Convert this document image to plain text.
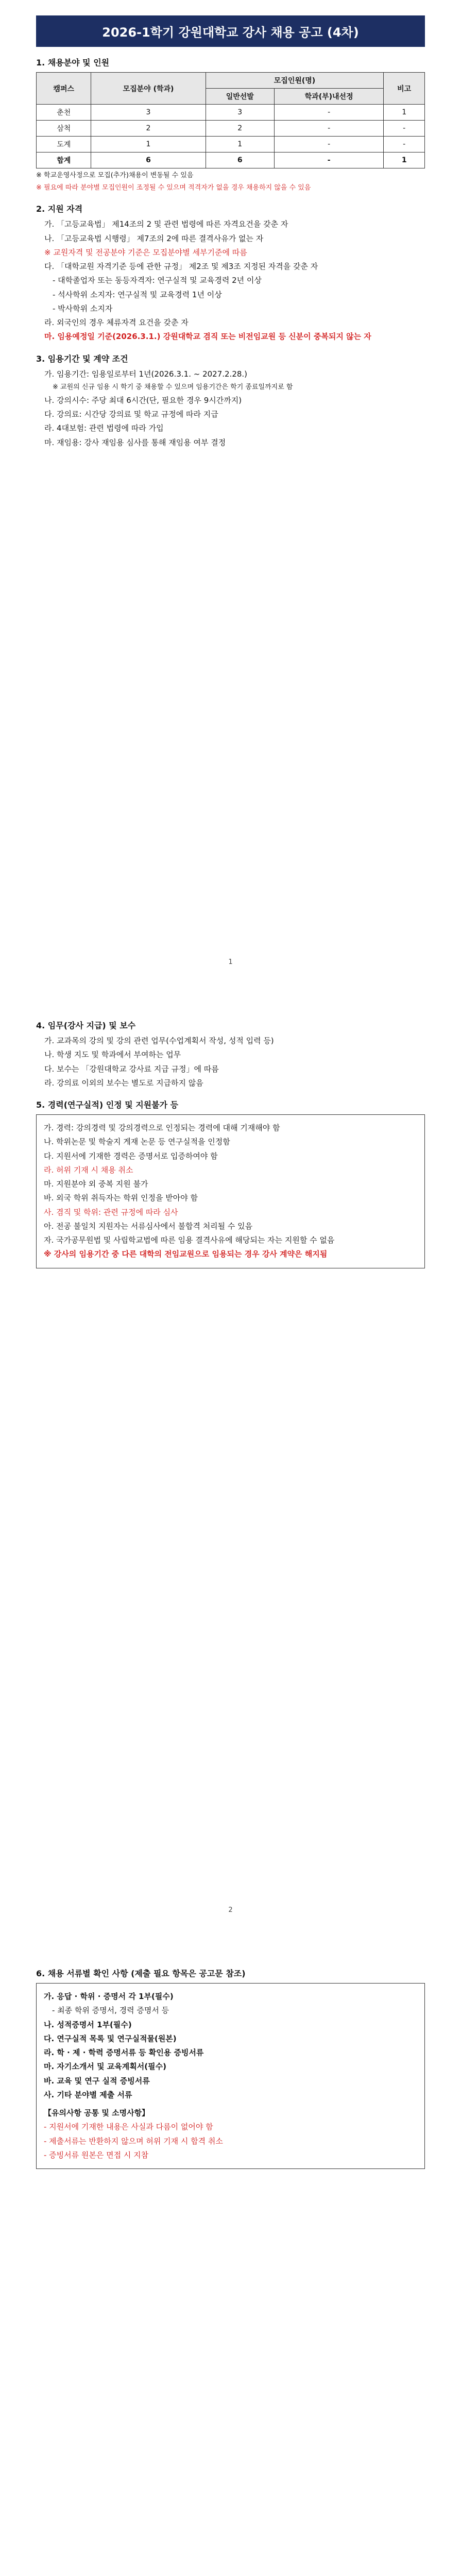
2026-1학기 강원대학교 강사 채용 공고 (4차)
1. 채용분야 및 인원
캠퍼스	모집분야 (학과)	모집인원(명)		비고
		일반선발	학과(부)내선정	
춘천	3	3	-	1
삼척	2	2	-	-
도계	1	1	-	-
합계	6	6	-	1

※ 학교운영사정으로 모집(추가)채용이 변동될 수 있음

※ 필요에 따라 분야별 모집인원이 조정될 수 있으며 적격자가 없을 경우 채용하지 않을 수 있음

2. 지원 자격

가. 「고등교육법」 제14조의 2 및 관련 법령에 따른 자격요건을 갖춘 자

나. 「고등교육법 시행령」 제7조의 2에 따른 결격사유가 없는 자

※ 교원자격 및 전공분야 기준은 모집분야별 세부기준에 따름

다. 「대학교원 자격기준 등에 관한 규정」 제2조 및 제3조 지정된 자격을 갖춘 자

- 대학졸업자 또는 동등자격자: 연구실적 및 교육경력 2년 이상

- 석사학위 소지자: 연구실적 및 교육경력 1년 이상

- 박사학위 소지자

라. 외국인의 경우 체류자격 요건을 갖춘 자

마. 임용예정일 기준(2026.3.1.) 강원대학교 겸직 또는 비전임교원 등 신분이 중복되지 않는 자

3. 임용기간 및 계약 조건

가. 임용기간: 임용일로부터 1년(2026.3.1. ~ 2027.2.28.)

※ 교원의 신규 임용 시 학기 중 채용할 수 있으며 임용기간은 학기 종료일까지로 함

나. 강의시수: 주당 최대 6시간(단, 필요한 경우 9시간까지)

다. 강의료: 시간당 강의료 및 학교 규정에 따라 지급

라. 4대보험: 관련 법령에 따라 가입

마. 재임용: 강사 재임용 심사를 통해 재임용 여부 결정

1
4. 임무(강사 지급) 및 보수

가. 교과목의 강의 및 강의 관련 업무(수업계획서 작성, 성적 입력 등)

나. 학생 지도 및 학과에서 부여하는 업무

다. 보수는 「강원대학교 강사료 지급 규정」에 따름

라. 강의료 이외의 보수는 별도로 지급하지 않음

5. 경력(연구실적) 인정 및 지원불가 등

가. 경력: 강의경력 및 강의경력으로 인정되는 경력에 대해 기재해야 함

나. 학위논문 및 학술지 게재 논문 등 연구실적을 인정함

다. 지원서에 기재한 경력은 증명서로 입증하여야 함

라. 허위 기재 시 채용 취소

마. 지원분야 외 중복 지원 불가

바. 외국 학위 취득자는 학위 인정을 받아야 함

사. 겸직 및 학위: 관련 규정에 따라 심사

아. 전공 불일치 지원자는 서류심사에서 불합격 처리될 수 있음

자. 국가공무원법 및 사립학교법에 따른 임용 결격사유에 해당되는 자는 지원할 수 없음

※ 강사의 임용기간 중 다른 대학의 전임교원으로 임용되는 경우 강사 계약은 해지됨

2
6. 채용 서류별 확인 사항 (제출 필요 항목은 공고문 참조)

가. 응답 · 학위 · 증명서 각 1부(필수)

- 최종 학위 증명서, 경력 증명서 등

나. 성적증명서 1부(필수)

다. 연구실적 목록 및 연구실적물(원본)

라. 학 · 제 · 학력 증명서류 등 확인용 증빙서류

마. 자기소개서 및 교육계획서(필수)

바. 교육 및 연구 실적 증빙서류

사. 기타 분야별 제출 서류

【유의사항 공통 및 소명사항】

- 지원서에 기재한 내용은 사실과 다름이 없어야 함

- 제출서류는 반환하지 않으며 허위 기재 시 합격 취소

- 증빙서류 원본은 면접 시 지참
